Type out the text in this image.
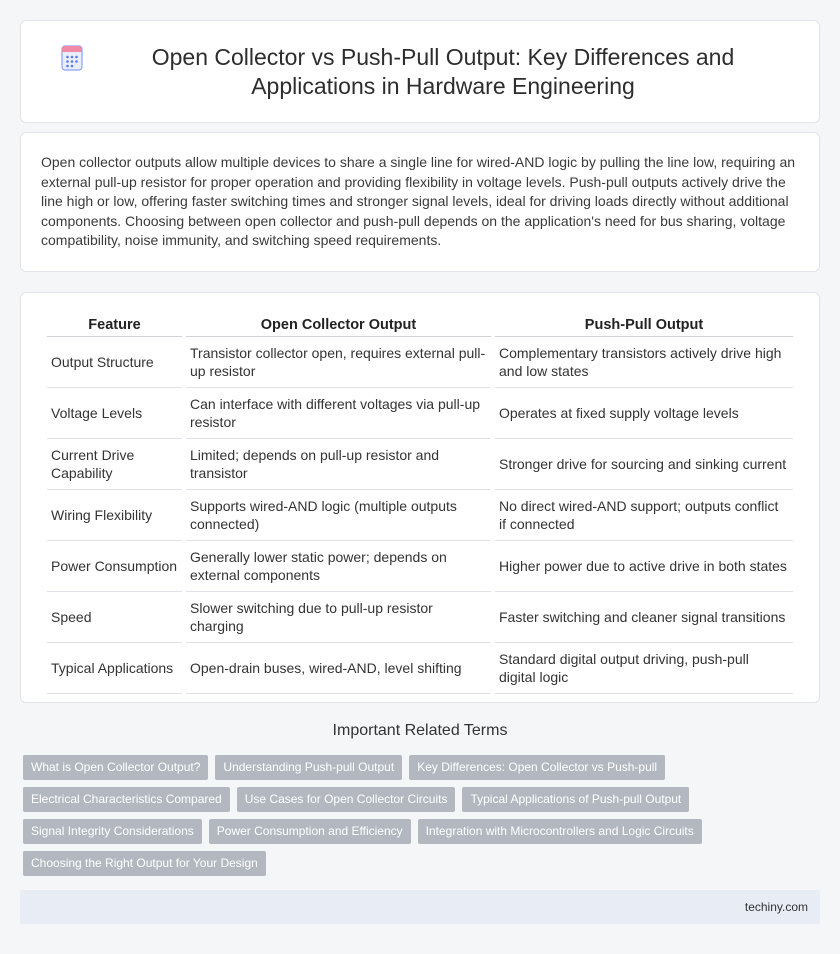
Open Collector vs Push-Pull Output: Key Differences and Applications in Hardware Engineering

Open collector outputs allow multiple devices to share a single line for wired-AND logic by pulling the line low, requiring an external pull-up resistor for proper operation and providing flexibility in voltage levels. Push-pull outputs actively drive the line high or low, offering faster switching times and stronger signal levels, ideal for driving loads directly without additional components. Choosing between open collector and push-pull depends on the application's need for bus sharing, voltage compatibility, noise immunity, and switching speed requirements.

Feature	Open Collector Output	Push-Pull Output
Output Structure	Transistor collector open, requires external pull-up resistor	Complementary transistors actively drive high and low states
Voltage Levels	Can interface with different voltages via pull-up resistor	Operates at fixed supply voltage levels
Current Drive Capability	Limited; depends on pull-up resistor and transistor	Stronger drive for sourcing and sinking current
Wiring Flexibility	Supports wired-AND logic (multiple outputs connected)	No direct wired-AND support; outputs conflict if connected
Power Consumption	Generally lower static power; depends on external components	Higher power due to active drive in both states
Speed	Slower switching due to pull-up resistor charging	Faster switching and cleaner signal transitions
Typical Applications	Open-drain buses, wired-AND, level shifting	Standard digital output driving, push-pull digital logic
Important Related Terms
What is Open Collector Output?	Understanding Push-pull Output	Key Differences: Open Collector vs Push-pull
Electrical Characteristics Compared	Use Cases for Open Collector Circuits	Typical Applications of Push-pull Output
Signal Integrity Considerations	Power Consumption and Efficiency	Integration with Microcontrollers and Logic Circuits
Choosing the Right Output for Your Design
techiny.com
